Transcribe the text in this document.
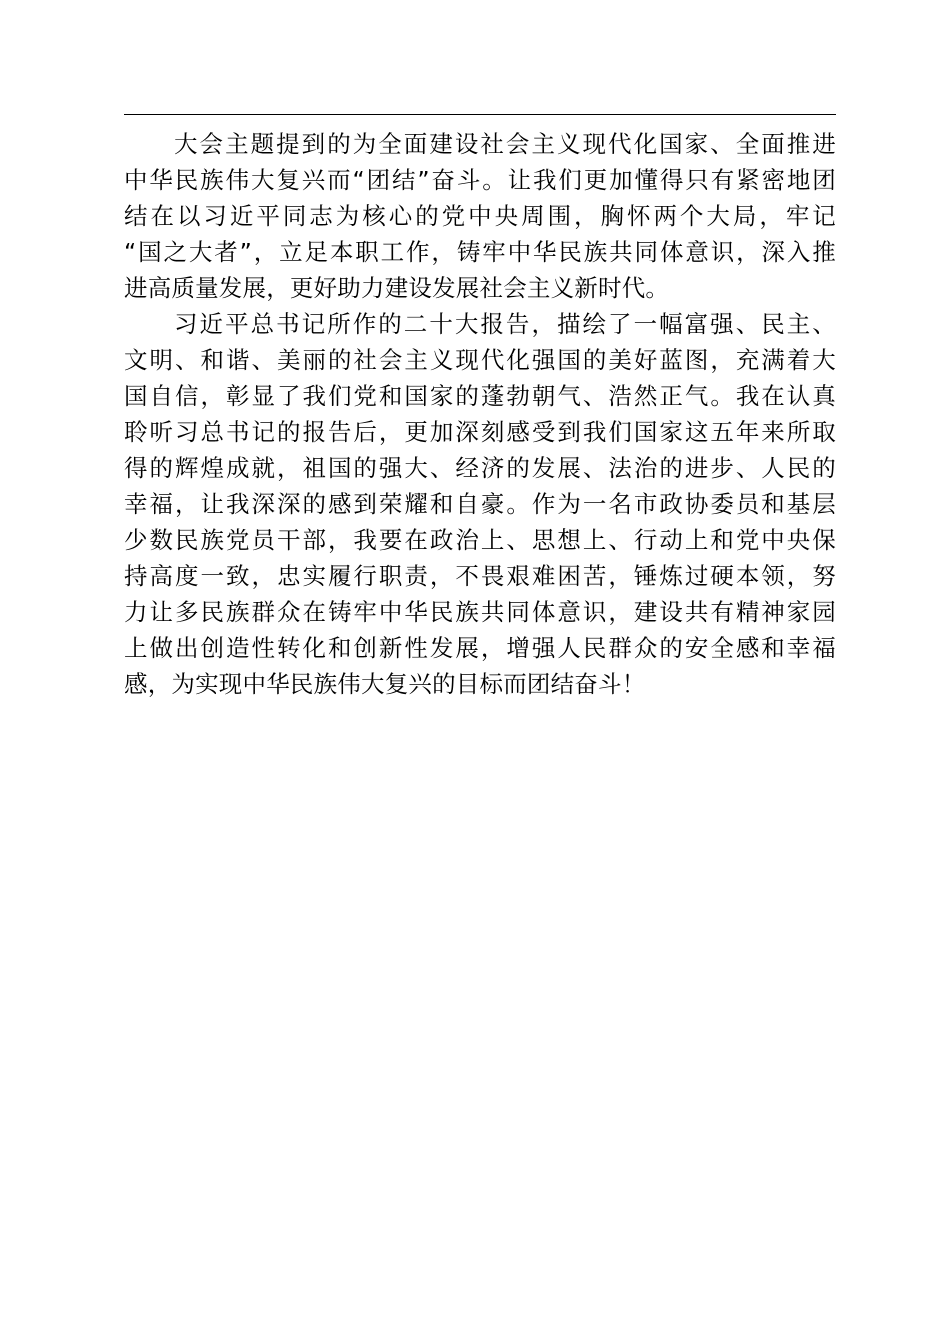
大会主题提到的为全面建设社会主义现代化国家、全面推进
中华民族伟大复兴而“团结”奋斗。让我们更加懂得只有紧密地团
结在以习近平同志为核心的党中央周围，胸怀两个大局，牢记
“国之大者”，立足本职工作，铸牢中华民族共同体意识，深入推
进高质量发展，更好助力建设发展社会主义新时代。
习近平总书记所作的二十大报告，描绘了一幅富强、民主、
文明、和谐、美丽的社会主义现代化强国的美好蓝图，充满着大
国自信，彰显了我们党和国家的蓬勃朝气、浩然正气。我在认真
聆听习总书记的报告后，更加深刻感受到我们国家这五年来所取
得的辉煌成就，祖国的强大、经济的发展、法治的进步、人民的
幸福，让我深深的感到荣耀和自豪。作为一名市政协委员和基层
少数民族党员干部，我要在政治上、思想上、行动上和党中央保
持高度一致，忠实履行职责，不畏艰难困苦，锤炼过硬本领，努
力让多民族群众在铸牢中华民族共同体意识，建设共有精神家园
上做出创造性转化和创新性发展，增强人民群众的安全感和幸福
感，为实现中华民族伟大复兴的目标而团结奋斗！
